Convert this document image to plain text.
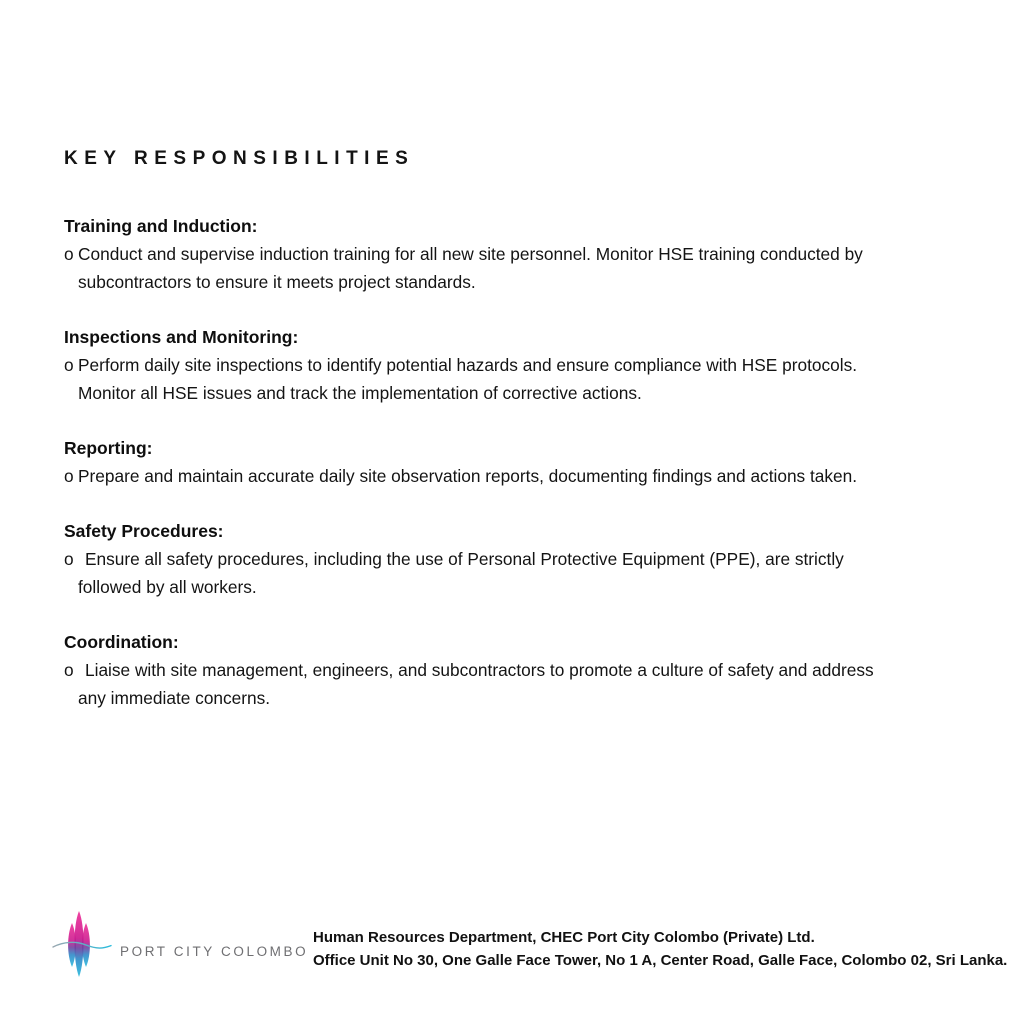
KEY RESPONSIBILITIES
Training and Induction:
o Conduct and supervise induction training for all new site personnel. Monitor HSE training conducted by
subcontractors to ensure it meets project standards.
Inspections and Monitoring:
o Perform daily site inspections to identify potential hazards and ensure compliance with HSE protocols.
Monitor all HSE issues and track the implementation of corrective actions.
Reporting:
o Prepare and maintain accurate daily site observation reports, documenting findings and actions taken.
Safety Procedures:
o Ensure all safety procedures, including the use of Personal Protective Equipment (PPE), are strictly
followed by all workers.
Coordination:
o Liaise with site management, engineers, and subcontractors to promote a culture of safety and address
any immediate concerns.
PORT CITY COLOMBO
Human Resources Department, CHEC Port City Colombo (Private) Ltd.
Office Unit No 30, One Galle Face Tower, No 1 A, Center Road, Galle Face, Colombo 02, Sri Lanka.
